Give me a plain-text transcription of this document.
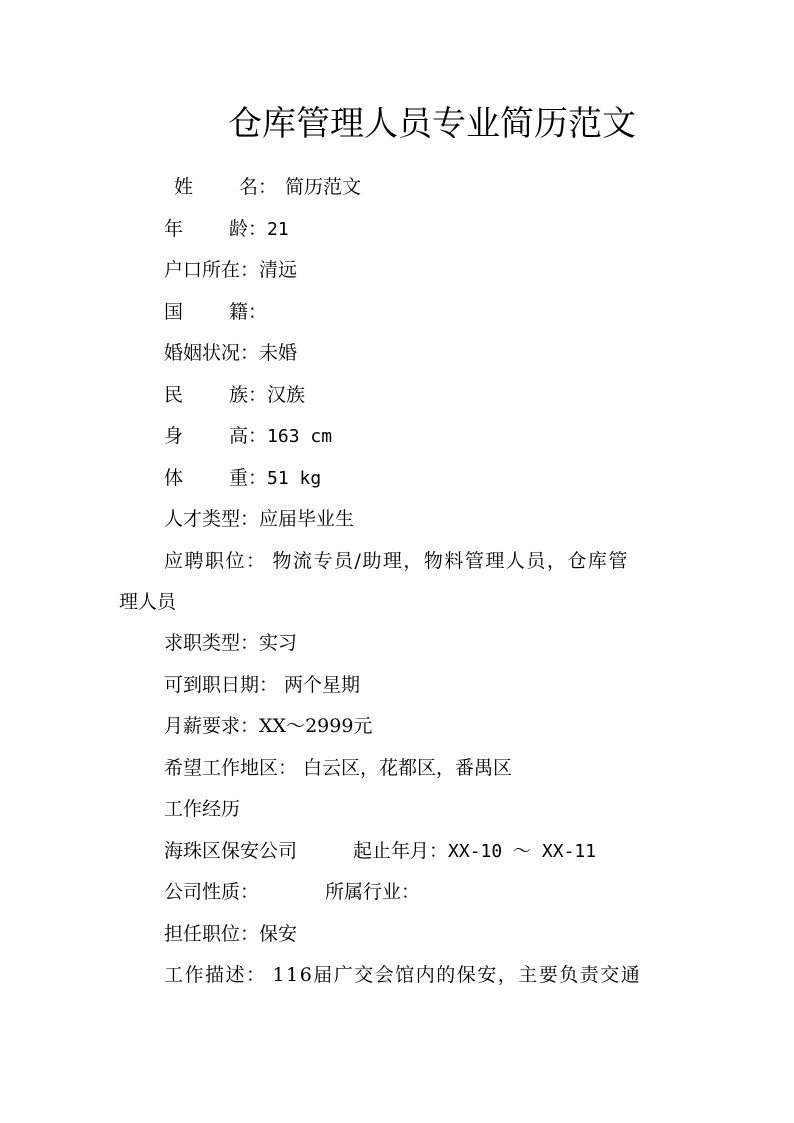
仓库管理人员专业简历范文
姓 名： 简历范文
年 龄：21
户口所在：清远
国 籍：
婚姻状况：未婚
民 族：汉族
身 高：163 cm
体 重：51 kg
人才类型：应届毕业生
应聘职位： 物流专员/助理，物料管理人员，仓库管
理人员
求职类型：实习
可到职日期： 两个星期
月薪要求：XX～2999元
希望工作地区： 白云区，花都区，番禺区
工作经历
海珠区保安公司	起止年月：XX-10 ～ XX-11
公司性质：	所属行业：
担任职位：保安
工作描述： 116届广交会馆内的保安，主要负责交通
